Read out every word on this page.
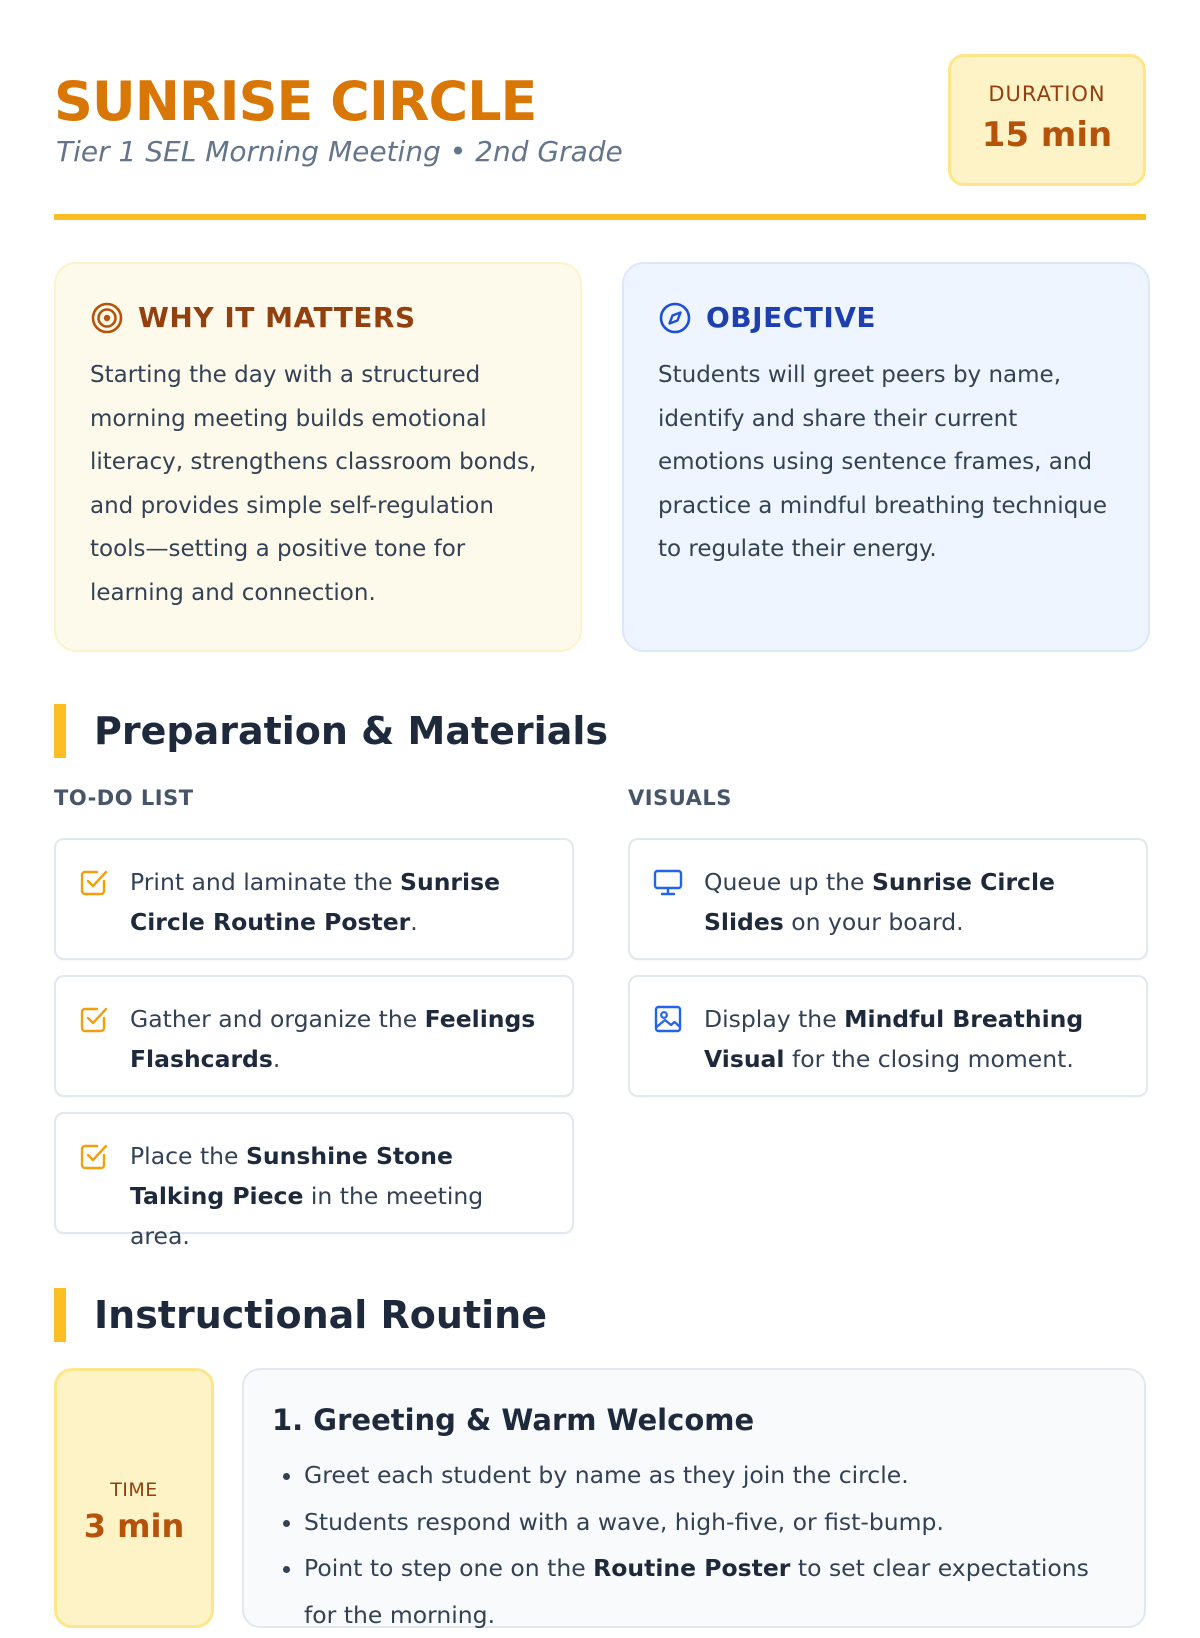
SUNRISE CIRCLE
Tier 1 SEL Morning Meeting • 2nd Grade
DURATION
15 min
WHY IT MATTERS

Starting the day with a structured morning meeting builds emotional literacy, strengthens classroom bonds, and provides simple self-regulation tools—setting a positive tone for learning and connection.

OBJECTIVE

Students will greet peers by name, identify and share their current emotions using sentence frames, and practice a mindful breathing technique to regulate their energy.

Preparation & Materials
TO-DO LIST	VISUALS
Print and laminate the Sunrise Circle Routine Poster.
Gather and organize the Feelings Flashcards.
Place the Sunshine Stone Talking Piece in the meeting area.
Queue up the Sunrise Circle Slides on your board.
Display the Mindful Breathing Visual for the closing moment.
Instructional Routine
TIME
3 min
1. Greeting & Warm Welcome
• Greet each student by name as they join the circle.
• Students respond with a wave, high-five, or fist-bump.
• Point to step one on the Routine Poster to set clear expectations for the morning.
